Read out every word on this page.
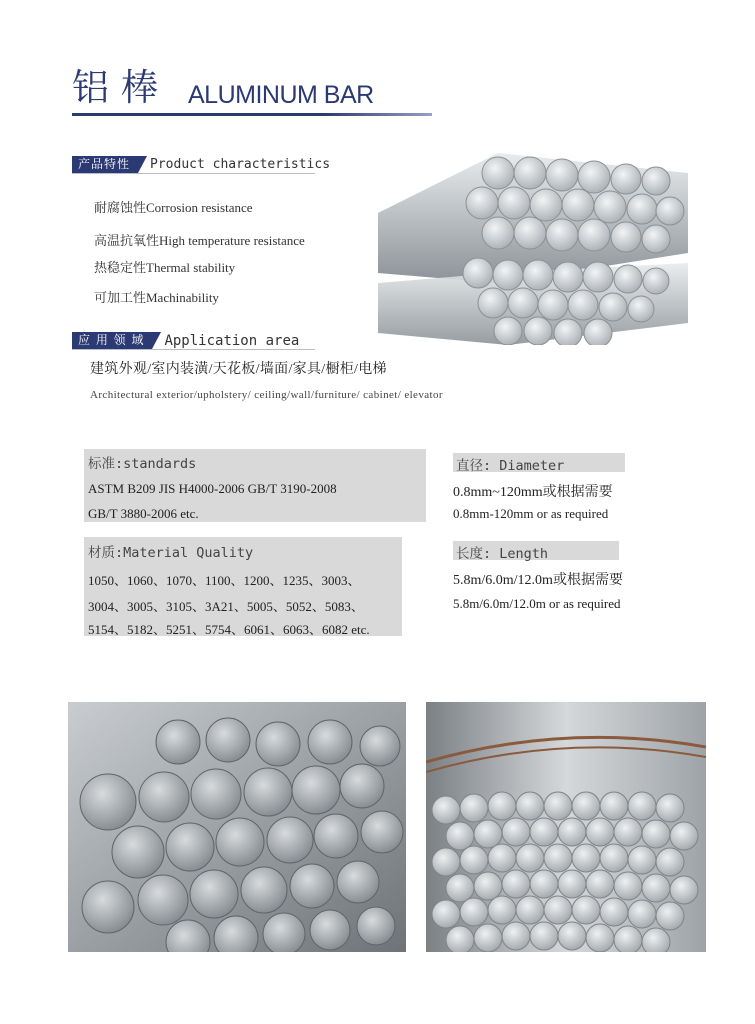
铝棒 ALUMINUM BAR
产品特性	Product characteristics
耐腐蚀性Corrosion resistance
高温抗氧性High temperature resistance
热稳定性Thermal stability
可加工性Machinability
应 用 领 域	Application area
建筑外观/室内装潢/天花板/墙面/家具/橱柜/电梯
Architectural exterior/upholstery/ ceiling/wall/furniture/ cabinet/ elevator
标准:standards
ASTM B209 JIS H4000-2006 GB/T 3190-2008
GB/T 3880-2006 etc.
材质:Material Quality
1050、1060、1070、1100、1200、1235、3003、
3004、3005、3105、3A21、5005、5052、5083、
5154、5182、5251、5754、6061、6063、6082 etc.
直径: Diameter
0.8mm~120mm或根据需要
0.8mm-120mm or as required
长度: Length
5.8m/6.0m/12.0m或根据需要
5.8m/6.0m/12.0m or as required
